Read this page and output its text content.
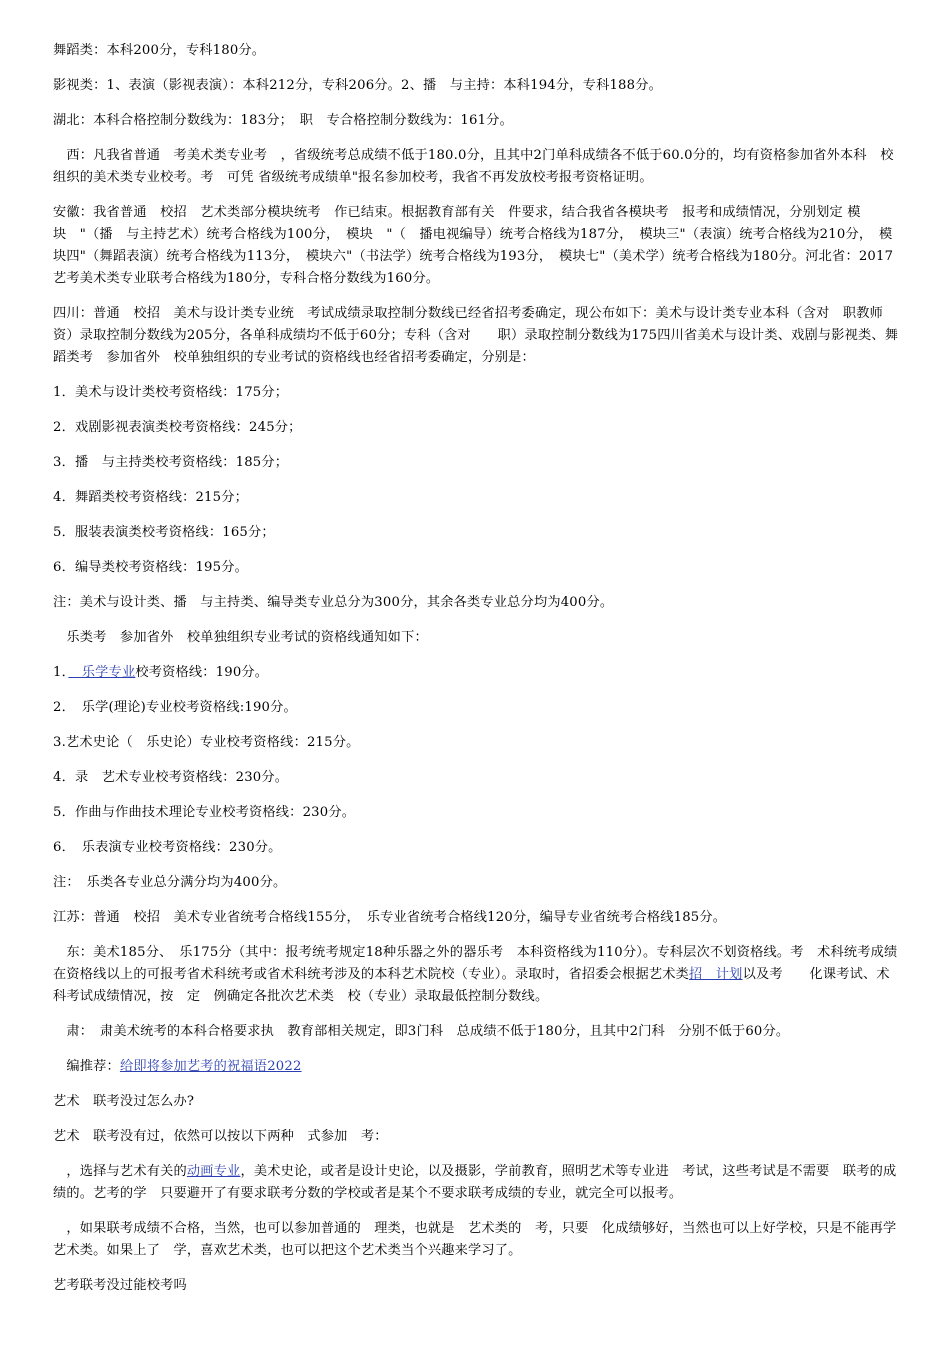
舞蹈类：本科200分，专科180分。

影视类：1、表演（影视表演）：本科212分，专科206分。2、播　与主持：本科194分，专科188分。

湖北：本科合格控制分数线为：183分；　职　专合格控制分数线为：161分。

　西：凡我省普通　考美术类专业考　，省级统考总成绩不低于180.0分，且其中2门单科成绩各不低于60.0分的，均有资格参加省外本科　校组织的美术类专业校考。考　可凭 省级统考成绩单"报名参加校考，我省不再发放校考报考资格证明。

安徽：我省普通　校招　艺术类部分模块统考　作已结束。根据教育部有关　件要求，结合我省各模块考　报考和成绩情况，分别划定 模块　"（播　与主持艺术）统考合格线为100分，　模块　"（　播电视编导）统考合格线为187分，　模块三"（表演）统考合格线为210分，　模块四"（舞蹈表演）统考合格线为113分，　模块六"（书法学）统考合格线为193分，　模块七"（美术学）统考合格线为180分。河北省：2017艺考美术类专业联考合格线为180分，专科合格分数线为160分。

四川：普通　校招　美术与设计类专业统　考试成绩录取控制分数线已经省招考委确定，现公布如下：美术与设计类专业本科（含对　职教师资）录取控制分数线为205分，各单科成绩均不低于60分；专科（含对　　职）录取控制分数线为175四川省美术与设计类、戏剧与影视类、舞蹈类考　参加省外　校单独组织的专业考试的资格线也经省招考委确定，分别是：

1．美术与设计类校考资格线：175分；

2．戏剧影视表演类校考资格线：245分；

3．播　与主持类校考资格线：185分；

4．舞蹈类校考资格线：215分；

5．服装表演类校考资格线：165分；

6．编导类校考资格线：195分。

注：美术与设计类、播　与主持类、编导类专业总分为300分，其余各类专业总分均为400分。

　乐类考　参加省外　校单独组织专业考试的资格线通知如下：

1．　乐学专业校考资格线：190分。

2．　乐学(理论)专业校考资格线:190分。

3.艺术史论（　乐史论）专业校考资格线：215分。

4．录　艺术专业校考资格线：230分。

5．作曲与作曲技术理论专业校考资格线：230分。

6．　乐表演专业校考资格线：230分。

注：　乐类各专业总分满分均为400分。

江苏：普通　校招　美术专业省统考合格线155分，　乐专业省统考合格线120分，编导专业省统考合格线185分。

　东：美术185分、　乐175分（其中：报考统考规定18种乐器之外的器乐考　本科资格线为110分）。专科层次不划资格线。考　术科统考成绩在资格线以上的可报考省术科统考或省术科统考涉及的本科艺术院校（专业）。录取时，省招委会根据艺术类招　计划以及考　　化课考试、术科考试成绩情况，按　定　例确定各批次艺术类　校（专业）录取最低控制分数线。

　肃：　肃美术统考的本科合格要求执　教育部相关规定，即3门科　总成绩不低于180分，且其中2门科　分别不低于60分。

　编推荐：给即将参加艺考的祝福语2022

艺术　联考没过怎么办?

艺术　联考没有过，依然可以按以下两种　式参加　考：

　，选择与艺术有关的动画专业，美术史论，或者是设计史论，以及摄影，学前教育，照明艺术等专业进　考试，这些考试是不需要　联考的成绩的。艺考的学　只要避开了有要求联考分数的学校或者是某个不要求联考成绩的专业，就完全可以报考。

　，如果联考成绩不合格，当然，也可以参加普通的　理类，也就是　艺术类的　考，只要　化成绩够好，当然也可以上好学校，只是不能再学艺术类。如果上了　学，喜欢艺术类，也可以把这个艺术类当个兴趣来学习了。

艺考联考没过能校考吗
